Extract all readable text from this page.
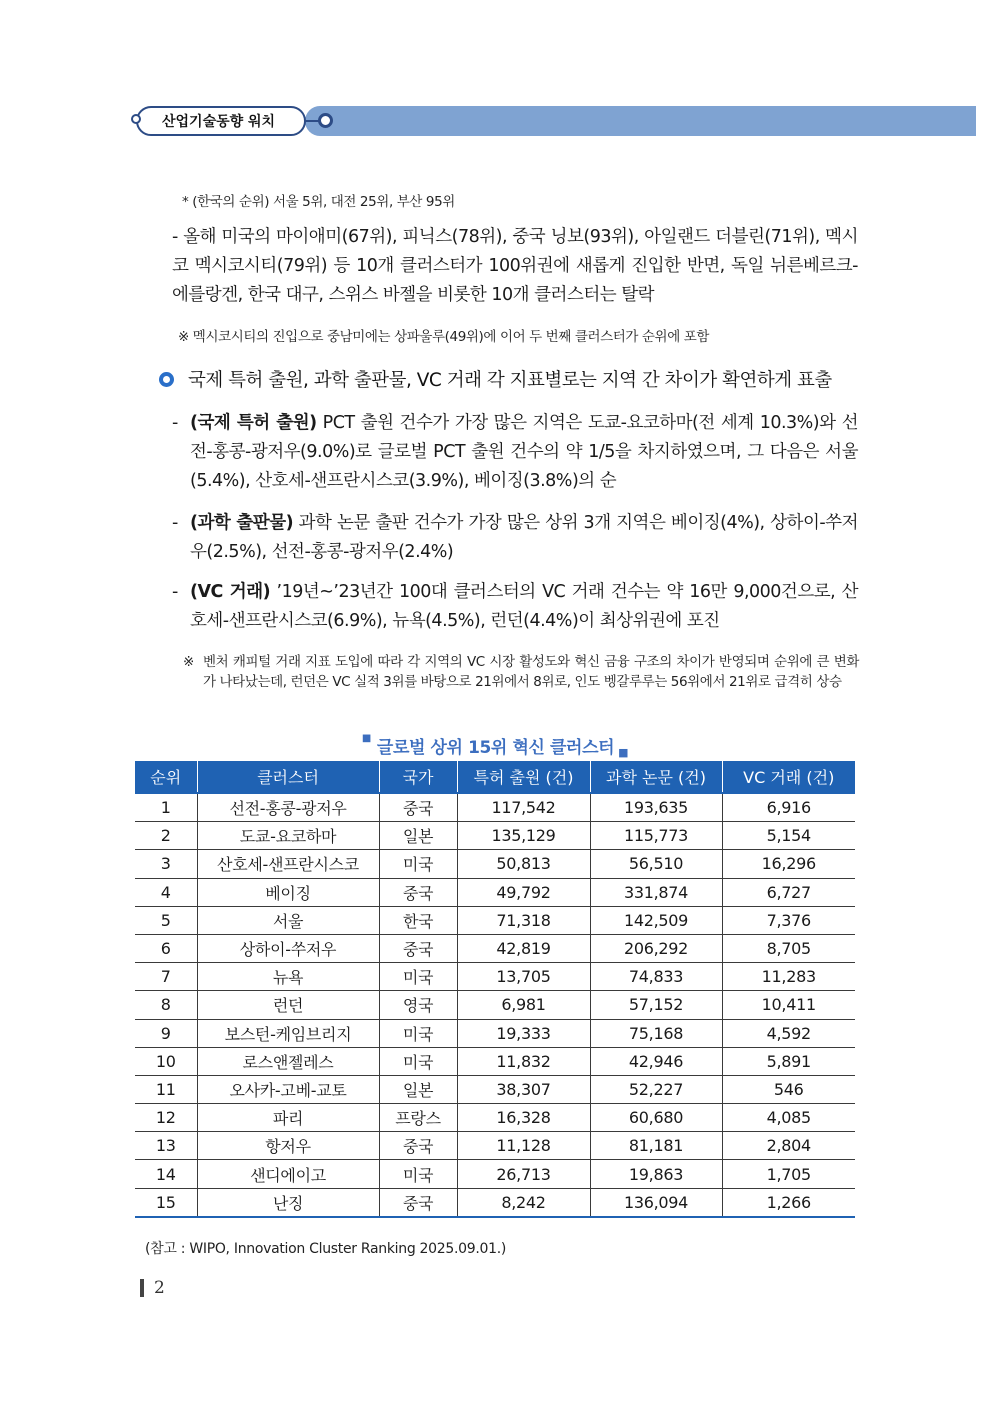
산업기술동향 워치
* (한국의 순위) 서울 5위, 대전 25위, 부산 95위
- 올해 미국의 마이애미(67위), 피닉스(78위), 중국 닝보(93위), 아일랜드 더블린(71위), 멕시코 멕시코시티(79위) 등 10개 클러스터가 100위권에 새롭게 진입한 반면, 독일 뉘른베르크-에를랑겐, 한국 대구, 스위스 바젤을 비롯한 10개 클러스터는 탈락
※ 멕시코시티의 진입으로 중남미에는 상파울루(49위)에 이어 두 번째 클러스터가 순위에 포함
국제 특허 출원, 과학 출판물, VC 거래 각 지표별로는 지역 간 차이가 확연하게 표출
- (국제 특허 출원) PCT 출원 건수가 가장 많은 지역은 도쿄-요코하마(전 세계 10.3%)와 선전-홍콩-광저우(9.0%)로 글로벌 PCT 출원 건수의 약 1/5을 차지하였으며, 그 다음은 서울(5.4%), 산호세-샌프란시스코(3.9%), 베이징(3.8%)의 순
- (과학 출판물) 과학 논문 출판 건수가 가장 많은 상위 3개 지역은 베이징(4%), 상하이-쑤저우(2.5%), 선전-홍콩-광저우(2.4%)
- (VC 거래) ’19년~’23년간 100대 클러스터의 VC 거래 건수는 약 16만 9,000건으로, 산호세-샌프란시스코(6.9%), 뉴욕(4.5%), 런던(4.4%)이 최상위권에 포진
※ 벤처 캐피털 거래 지표 도입에 따라 각 지역의 VC 시장 활성도와 혁신 금융 구조의 차이가 반영되며 순위에 큰 변화가 나타났는데, 런던은 VC 실적 3위를 바탕으로 21위에서 8위로, 인도 벵갈루루는 56위에서 21위로 급격히 상승
■ 글로벌 상위 15위 혁신 클러스터 ■
순위	클러스터	국가	특허 출원 (건)	과학 논문 (건)	VC 거래 (건)
1	선전-홍콩-광저우	중국	117,542	193,635	6,916
2	도쿄-요코하마	일본	135,129	115,773	5,154
3	산호세-샌프란시스코	미국	50,813	56,510	16,296
4	베이징	중국	49,792	331,874	6,727
5	서울	한국	71,318	142,509	7,376
6	상하이-쑤저우	중국	42,819	206,292	8,705
7	뉴욕	미국	13,705	74,833	11,283
8	런던	영국	6,981	57,152	10,411
9	보스턴-케임브리지	미국	19,333	75,168	4,592
10	로스앤젤레스	미국	11,832	42,946	5,891
11	오사카-고베-교토	일본	38,307	52,227	546
12	파리	프랑스	16,328	60,680	4,085
13	항저우	중국	11,128	81,181	2,804
14	샌디에이고	미국	26,713	19,863	1,705
15	난징	중국	8,242	136,094	1,266
(참고 : WIPO, Innovation Cluster Ranking 2025.09.01.)
2
